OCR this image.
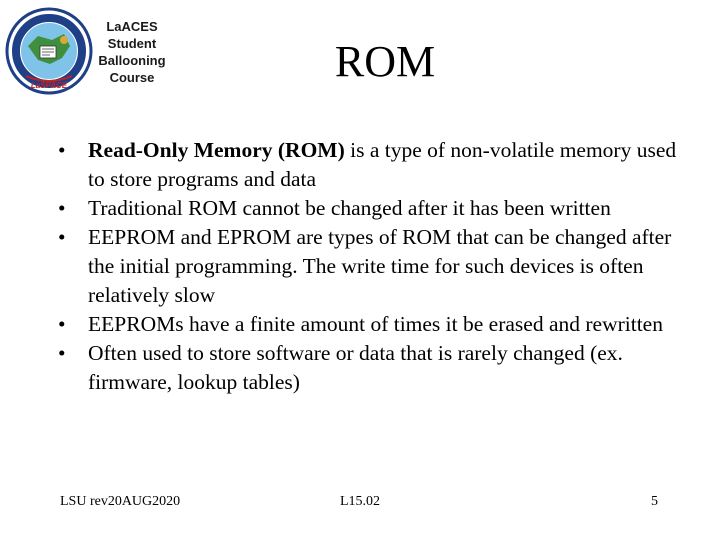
LaSPACE
LaACES
Student
Ballooning
Course	ROM
• Read-Only Memory (ROM) is a type of non-volatile memory used to store programs and data
• Traditional ROM cannot be changed after it has been written
• EEPROM and EPROM are types of ROM that can be changed after the initial programming. The write time for such devices is often relatively slow
• EEPROMs have a finite amount of times it be erased and rewritten
• Often used to store software or data that is rarely changed (ex. firmware, lookup tables)
LSU rev20AUG2020	L15.02	5
